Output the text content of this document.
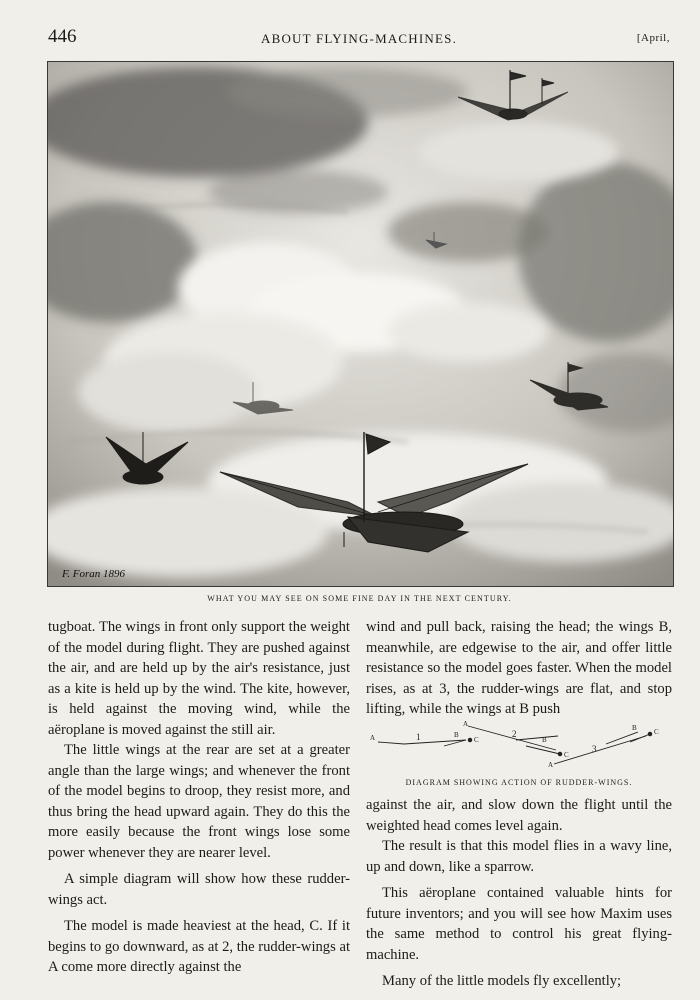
446	ABOUT FLYING-MACHINES.	[April,
F. Foran 1896
WHAT YOU MAY SEE ON SOME FINE DAY IN THE NEXT CENTURY.

tugboat. The wings in front only support the weight of the model during flight. They are pushed against the air, and are held up by the air's resistance, just as a kite is held up by the wind. The kite, however, is held against the moving wind, while the aëroplane is moved against the still air.

The little wings at the rear are set at a greater angle than the large wings; and whenever the front of the model begins to droop, they resist more, and thus bring the head upward again. They do this the more easily because the front wings lose some power whenever they are nearer level.

A simple diagram will show how these rudder-wings act.

The model is made heaviest at the head, C. If it begins to go downward, as at 2, the rudder-wings at A come more directly against the

wind and pull back, raising the head; the wings B, meanwhile, are edgewise to the air, and offer little resistance so the model goes faster. When the model rises, as at 3, the rudder-wings are flat, and stop lifting, while the wings at B push

A	1	B
C
A
2
B
C
A
3
B C
DIAGRAM SHOWING ACTION OF RUDDER-WINGS.

against the air, and slow down the flight until the weighted head comes level again.

The result is that this model flies in a wavy line, up and down, like a sparrow.

This aëroplane contained valuable hints for future inventors; and you will see how Maxim uses the same method to control his great flying-machine.

Many of the little models fly excellently;
